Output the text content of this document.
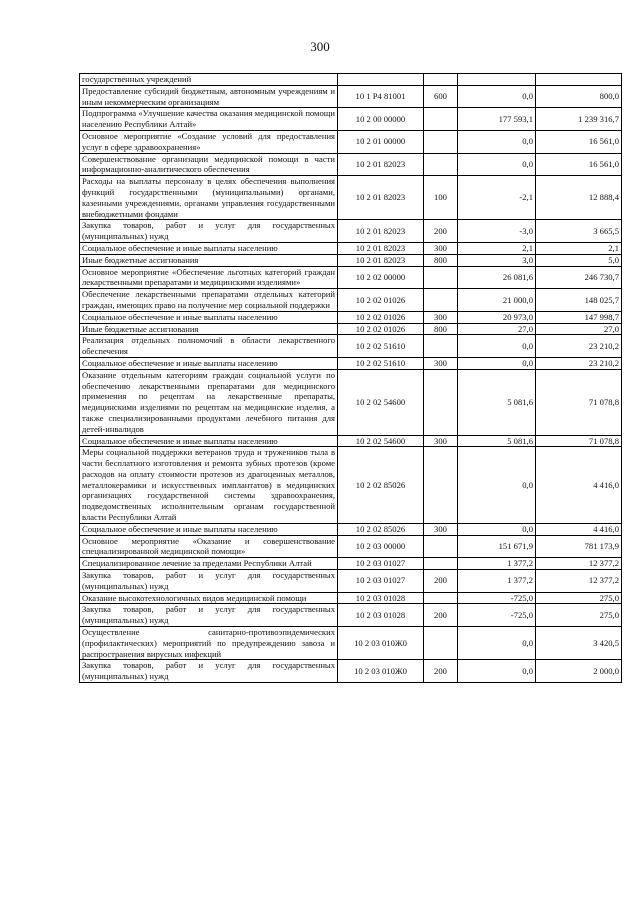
300
государственных учреждений				
Предоставление субсидий бюджетным, автономным учреждениям и иным некоммерческим организациям	10 1 P4 81001	600	0,0	800,0
Подпрограмма «Улучшение качества оказания медицинской помощи населению Республики Алтай»	10 2 00 00000		177 593,1	1 239 316,7
Основное мероприятие «Создание условий для предоставления услуг в сфере здравоохранения»	10 2 01 00000		0,0	16 561,0
Совершенствование организации медицинской помощи в части информационно-аналитического обеспечения	10 2 01 82023		0,0	16 561,0
Расходы на выплаты персоналу в целях обеспечения выполнения функций государственными (муниципальными) органами, казенными учреждениями, органами управления государственными внебюджетными фондами	10 2 01 82023	100	-2,1	12 888,4
Закупка товаров, работ и услуг для государственных (муниципальных) нужд	10 2 01 82023	200	-3,0	3 665,5
Социальное обеспечение и иные выплаты населению	10 2 01 82023	300	2,1	2,1
Иные бюджетные ассигнования	10 2 01 82023	800	3,0	5,0
Основное мероприятие «Обеспечение льготных категорий граждан лекарственными препаратами и медицинскими изделиями»	10 2 02 00000		26 081,6	246 730,7
Обеспечение лекарственными препаратами отдельных категорий граждан, имеющих право на получение мер социальной поддержки	10 2 02 01026		21 000,0	148 025,7
Социальное обеспечение и иные выплаты населению	10 2 02 01026	300	20 973,0	147 998,7
Иные бюджетные ассигнования	10 2 02 01026	800	27,0	27,0
Реализация отдельных полномочий в области лекарственного обеспечения	10 2 02 51610		0,0	23 210,2
Социальное обеспечение и иные выплаты населению	10 2 02 51610	300	0,0	23 210,2
Оказание отдельным категориям граждан социальной услуги по обеспечению лекарственными препаратами для медицинского применения по рецептам на лекарственные препараты, медицинскими изделиями по рецептам на медицинские изделия, а также специализированными продуктами лечебного питания для детей-инвалидов	10 2 02 54600		5 081,6	71 078,8
Социальное обеспечение и иные выплаты населению	10 2 02 54600	300	5 081,6	71 078,8
Меры социальной поддержки ветеранов труда и тружеников тыла в части бесплатного изготовления и ремонта зубных протезов (кроме расходов на оплату стоимости протезов из драгоценных металлов, металлокерамики и искусственных имплантатов) в медицинских организациях государственной системы здравоохранения, подведомственных исполнительным органам государственной власти Республики Алтай	10 2 02 85026		0,0	4 416,0
Социальное обеспечение и иные выплаты населению	10 2 02 85026	300	0,0	4 416,0
Основное мероприятие «Оказание и совершенствование специализированной медицинской помощи»	10 2 03 00000		151 671,9	781 173,9
Специализированное лечение за пределами Республики Алтай	10 2 03 01027		1 377,2	12 377,2
Закупка товаров, работ и услуг для государственных (муниципальных) нужд	10 2 03 01027	200	1 377,2	12 377,2
Оказание высокотехнологичных видов медицинской помощи	10 2 03 01028		-725,0	275,0
Закупка товаров, работ и услуг для государственных (муниципальных) нужд	10 2 03 01028	200	-725,0	275,0
Осуществление санитарно-противоэпидемических (профилактических) мероприятий по предупреждению завоза и распространения вирусных инфекций	10 2 03 010Ж0		0,0	3 420,5
Закупка товаров, работ и услуг для государственных (муниципальных) нужд	10 2 03 010Ж0	200	0,0	2 000,0
